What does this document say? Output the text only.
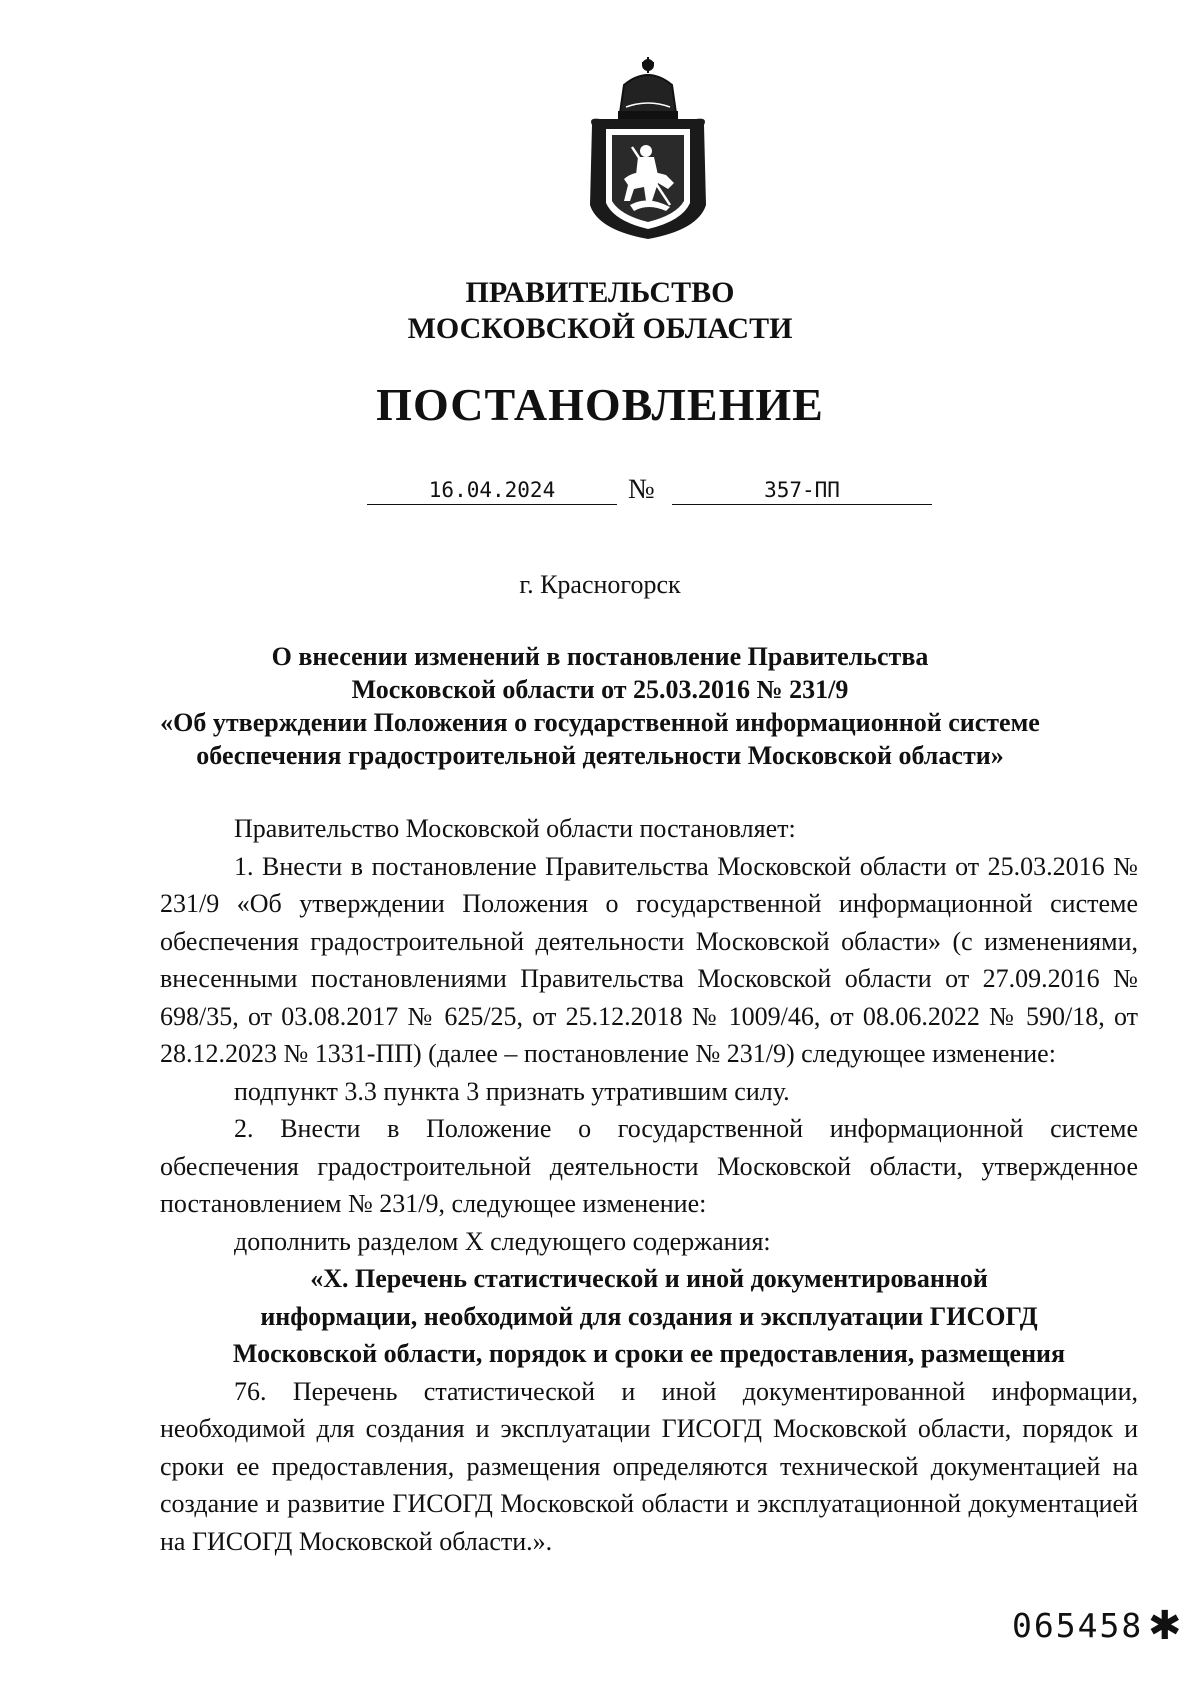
ПРАВИТЕЛЬСТВО
МОСКОВСКОЙ ОБЛАСТИ
ПОСТАНОВЛЕНИЕ
16.04.2024	№	357-ПП
г. Красногорск
О внесении изменений в постановление Правительства
Московской области от 25.03.2016 № 231/9
«Об утверждении Положения о государственной информационной системе
обеспечения градостроительной деятельности Московской области»

Правительство Московской области постановляет:

1. Внести в постановление Правительства Московской области от 25.03.2016 № 231/9 «Об утверждении Положения о государственной информационной системе обеспечения градостроительной деятельности Московской области» (с изменениями, внесенными постановлениями Правительства Московской области от 27.09.2016 № 698/35, от 03.08.2017 № 625/25, от 25.12.2018 № 1009/46, от 08.06.2022 № 590/18, от 28.12.2023 № 1331-ПП) (далее – постановление № 231/9) следующее изменение:

подпункт 3.3 пункта 3 признать утратившим силу.

2. Внести в Положение о государственной информационной системе обеспечения градостроительной деятельности Московской области, утвержденное постановлением № 231/9, следующее изменение:

дополнить разделом X следующего содержания:

«X. Перечень статистической и иной документированной

информации, необходимой для создания и эксплуатации ГИСОГД

Московской области, порядок и сроки ее предоставления, размещения

76. Перечень статистической и иной документированной информации, необходимой для создания и эксплуатации ГИСОГД Московской области, порядок и сроки ее предоставления, размещения определяются технической документацией на создание и развитие ГИСОГД Московской области и эксплуатационной документацией на ГИСОГД Московской области.».

065458 ✱
